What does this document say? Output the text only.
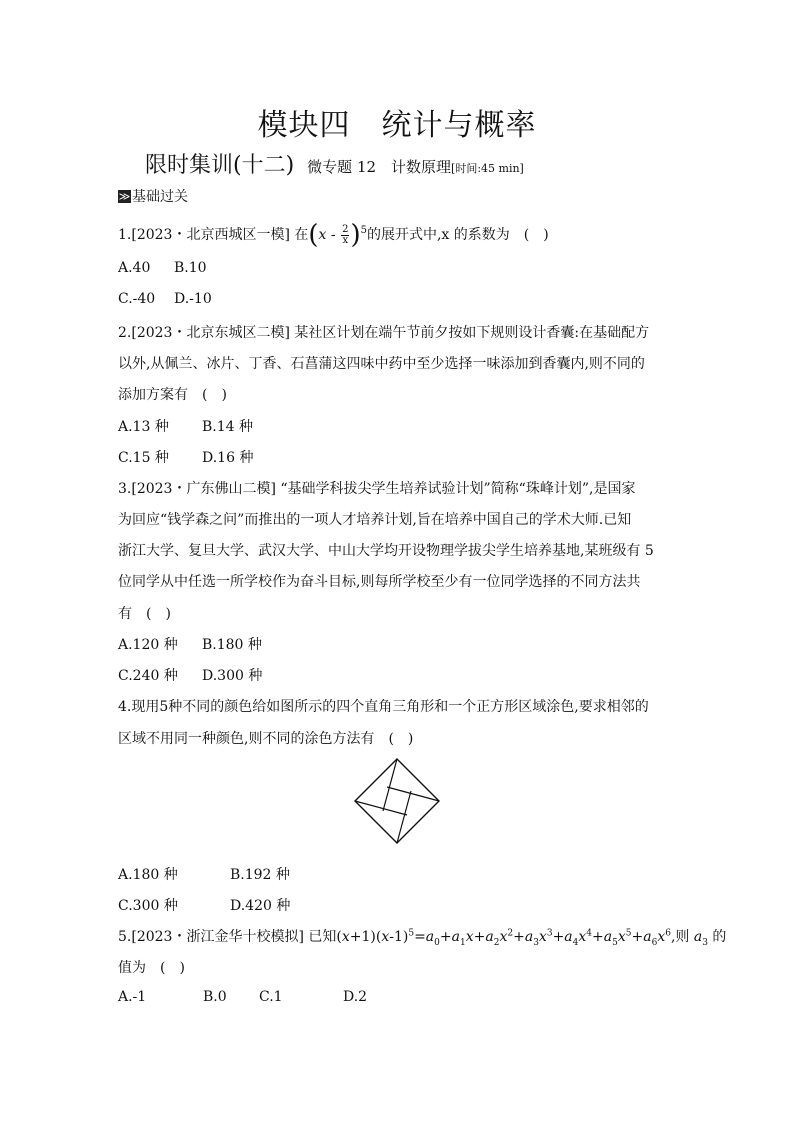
模块四　统计与概率
限时集训(十二) 微专题 12　计数原理[时间:45 min]
≫ 基础过关
1.[2023・北京西城区一模] 在$(x - \frac{2}{x} )^5$的展开式中,x 的系数为　(　)
A.40 B.10
C.-40 D.-10
2.[2023・北京东城区二模] 某社区计划在端午节前夕按如下规则设计香囊:在基础配方
以外,从佩兰、冰片、丁香、石菖蒲这四味中药中至少选择一味添加到香囊内,则不同的
添加方案有　(　)
A.13 种 B.14 种
C.15 种 D.16 种
3.[2023・广东佛山二模] “基础学科拔尖学生培养试验计划”简称“珠峰计划”,是国家
为回应“钱学森之问”而推出的一项人才培养计划,旨在培养中国自己的学术大师.已知
浙江大学、复旦大学、武汉大学、中山大学均开设物理学拔尖学生培养基地,某班级有 5
位同学从中任选一所学校作为奋斗目标,则每所学校至少有一位同学选择的不同方法共
有　(　)
A.120 种 B.180 种
C.240 种 D.300 种
4.现用5种不同的颜色给如图所示的四个直角三角形和一个正方形区域涂色,要求相邻的
区域不用同一种颜色,则不同的涂色方法有　(　)
A.180 种	B.192 种
C.300 种	D.420 种
5.[2023・浙江金华十校模拟] 已知$(x+1)(x-1)^5=a_0+a_1x+a_2x^2+a_3x^3+a_4x^4+a_5x^5+a_6x^6$,则 $a_3$ 的
值为　(　)
A.-1	B.0 C.1	D.2
